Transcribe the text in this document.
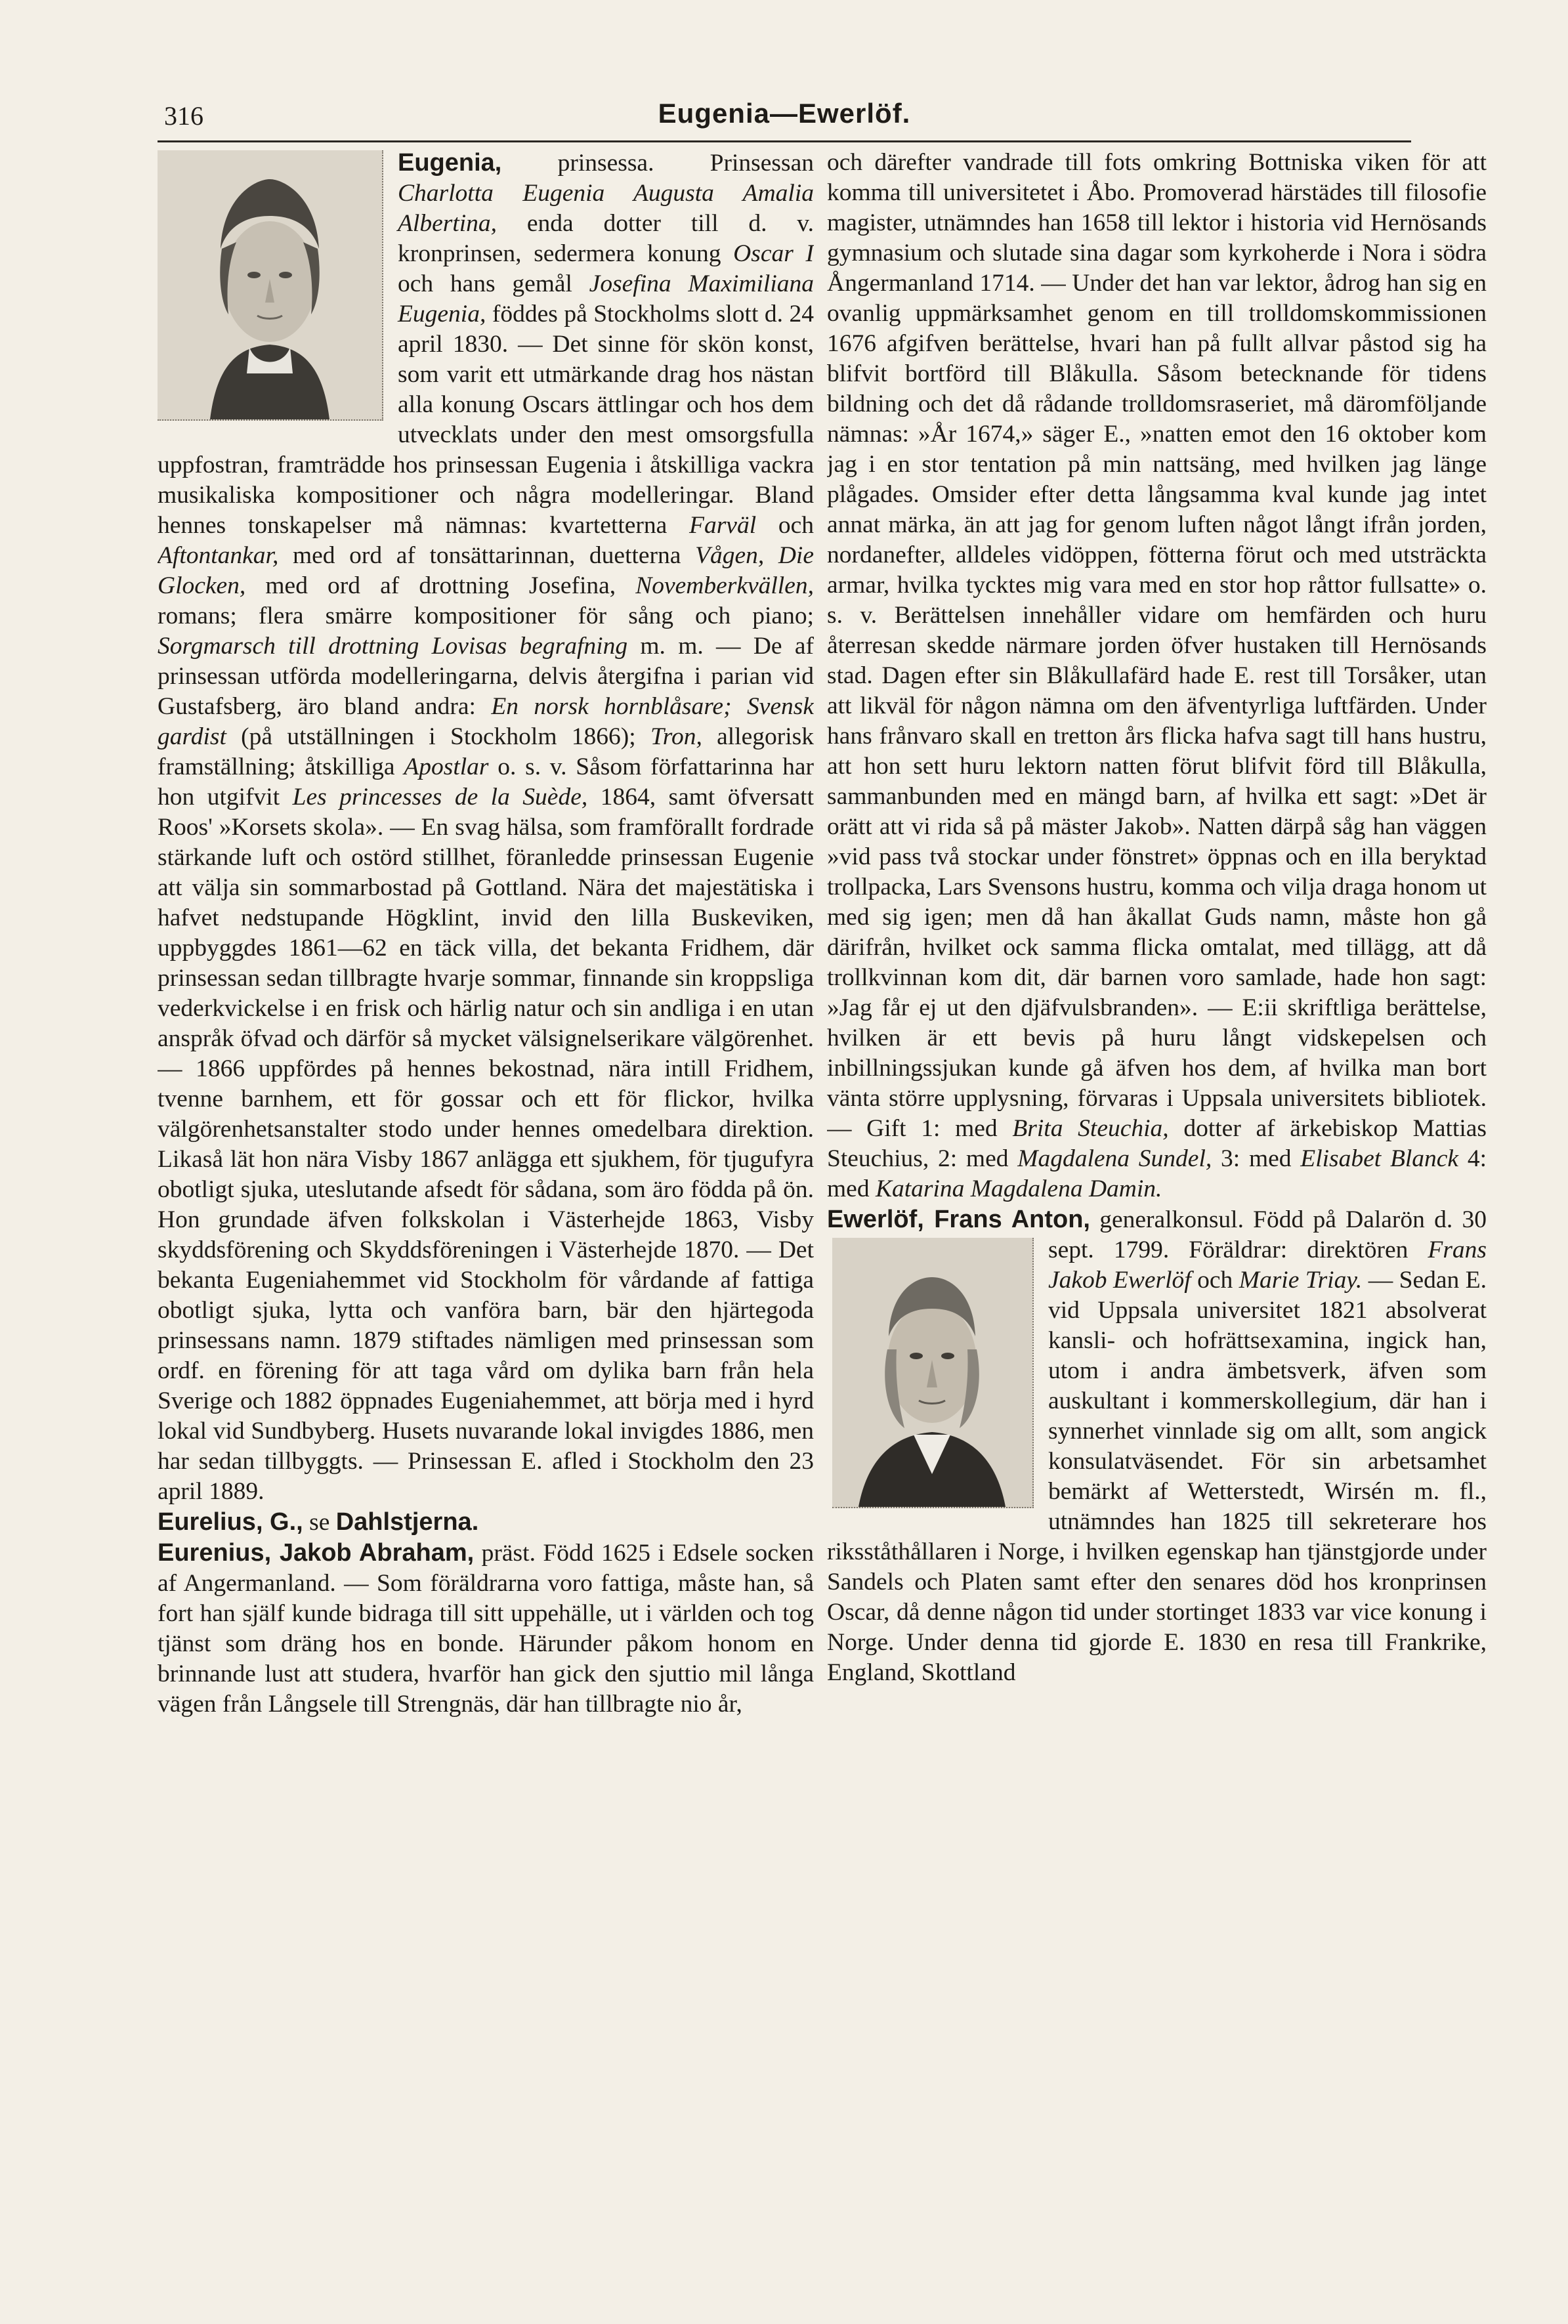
316	Eugenia—Ewerlöf.

Eugenia, prinsessa. Prinsessan Charlotta Eugenia Augusta Amalia Albertina, enda dotter till d. v. kronprinsen, sedermera konung Oscar I och hans gemål Josefina Maximiliana Eugenia, föddes på Stockholms slott d. 24 april 1830. — Det sinne för skön konst, som varit ett utmärkande drag hos nästan alla konung Oscars ättlingar och hos dem utvecklats under den mest omsorgsfulla uppfostran, framträdde hos prinsessan Eugenia i åtskilliga vackra musikaliska kompositioner och några modelleringar. Bland hennes tonskapelser må nämnas: kvartetterna Farväl och Aftontankar, med ord af tonsättarinnan, duetterna Vågen, Die Glocken, med ord af drottning Josefina, Novemberkvällen, romans; flera smärre kompositioner för sång och piano; Sorgmarsch till drottning Lovisas begrafning m. m. — De af prinsessan utförda modelleringarna, delvis återgifna i parian vid Gustafsberg, äro bland andra: En norsk hornblåsare; Svensk gardist (på utställningen i Stockholm 1866); Tron, allegorisk framställning; åtskilliga Apostlar o. s. v. Såsom författarinna har hon utgifvit Les princesses de la Suède, 1864, samt öfversatt Roos' »Korsets skola». — En svag hälsa, som framförallt fordrade stärkande luft och ostörd stillhet, föranledde prinsessan Eugenie att välja sin sommarbostad på Gottland. Nära det majestätiska i hafvet nedstupande Högklint, invid den lilla Buskeviken, uppbyggdes 1861—62 en täck villa, det bekanta Fridhem, där prinsessan sedan tillbragte hvarje sommar, finnande sin kroppsliga vederkvickelse i en frisk och härlig natur och sin andliga i en utan anspråk öfvad och därför så mycket välsignelserikare välgörenhet. — 1866 uppfördes på hennes bekostnad, nära intill Fridhem, tvenne barnhem, ett för gossar och ett för flickor, hvilka välgörenhetsanstalter stodo under hennes omedelbara direktion. Likaså lät hon nära Visby 1867 anlägga ett sjukhem, för tjugufyra obotligt sjuka, uteslutande afsedt för sådana, som äro födda på ön. Hon grundade äfven folkskolan i Västerhejde 1863, Visby skyddsförening och Skyddsföreningen i Västerhejde 1870. — Det bekanta Eugeniahemmet vid Stockholm för vårdande af fattiga obotligt sjuka, lytta och vanföra barn, bär den hjärtegoda prinsessans namn. 1879 stiftades nämligen med prinsessan som ordf. en förening för att taga vård om dylika barn från hela Sverige och 1882 öppnades Eugeniahemmet, att börja med i hyrd lokal vid Sundbyberg. Husets nuvarande lokal invigdes 1886, men har sedan tillbyggts. — Prinsessan E. afled i Stockholm den 23 april 1889.

Eurelius, G., se Dahlstjerna.

Eurenius, Jakob Abraham, präst. Född 1625 i Edsele socken af Angermanland. — Som föräldrarna voro fattiga, måste han, så fort han själf kunde bidraga till sitt uppehälle, ut i världen och tog tjänst som dräng hos en bonde. Härunder påkom honom en brinnande lust att studera, hvarför han gick den sjuttio mil långa vägen från Långsele till Strengnäs, där han tillbragte nio år,

och därefter vandrade till fots omkring Bottniska viken för att komma till universitetet i Åbo. Promoverad härstädes till filosofie magister, utnämndes han 1658 till lektor i historia vid Hernösands gymnasium och slutade sina dagar som kyrkoherde i Nora i södra Ångermanland 1714. — Under det han var lektor, ådrog han sig en ovanlig uppmärksamhet genom en till trolldomskommissionen 1676 afgifven berättelse, hvari han på fullt allvar påstod sig ha blifvit bortförd till Blåkulla. Såsom betecknande för tidens bildning och det då rådande trolldomsraseriet, må däromföljande nämnas: »År 1674,» säger E., »natten emot den 16 oktober kom jag i en stor tentation på min nattsäng, med hvilken jag länge plågades. Omsider efter detta långsamma kval kunde jag intet annat märka, än att jag for genom luften något långt ifrån jorden, nordanefter, alldeles vidöppen, fötterna förut och med utsträckta armar, hvilka tycktes mig vara med en stor hop råttor fullsatte» o. s. v. Berättelsen innehåller vidare om hemfärden och huru återresan skedde närmare jorden öfver hustaken till Hernösands stad. Dagen efter sin Blåkullafärd hade E. rest till Torsåker, utan att likväl för någon nämna om den äfventyrliga luftfärden. Under hans frånvaro skall en tretton års flicka hafva sagt till hans hustru, att hon sett huru lektorn natten förut blifvit förd till Blåkulla, sammanbunden med en mängd barn, af hvilka ett sagt: »Det är orätt att vi rida så på mäster Jakob». Natten därpå såg han väggen »vid pass två stockar under fönstret» öppnas och en illa beryktad trollpacka, Lars Svensons hustru, komma och vilja draga honom ut med sig igen; men då han åkallat Guds namn, måste hon gå därifrån, hvilket ock samma flicka omtalat, med tillägg, att då trollkvinnan kom dit, där barnen voro samlade, hade hon sagt: »Jag får ej ut den djäfvulsbranden». — E:ii skriftliga berättelse, hvilken är ett bevis på huru långt vidskepelsen och inbillningssjukan kunde gå äfven hos dem, af hvilka man bort vänta större upplysning, förvaras i Uppsala universitets bibliotek. — Gift 1: med Brita Steuchia, dotter af ärkebiskop Mattias Steuchius, 2: med Magdalena Sundel, 3: med Elisabet Blanck 4: med Katarina Magdalena Damin.

Ewerlöf, Frans Anton, generalkonsul. Född på Dalarön d. 30 sept. 1799. Föräldrar: direktören
Frans Jakob Ewerlöf och Marie Triay. — Sedan E. vid Uppsala universitet 1821 absolverat kansli- och hofrättsexamina, ingick han, utom i andra ämbetsverk, äfven som auskultant i kommerskollegium, där han i synnerhet vinnlade sig om allt, som angick konsulatväsendet. För sin arbetsamhet bemärkt af Wetterstedt, Wirsén m. fl., utnämndes han 1825 till sekreterare hos riksståthållaren i Norge, i hvilken egenskap han tjänstgjorde under Sandels och Platen samt efter den senares död hos kronprinsen Oscar, då denne någon tid under stortinget 1833 var vice konung i Norge. Under denna tid gjorde E. 1830 en resa till Frankrike, England, Skottland
